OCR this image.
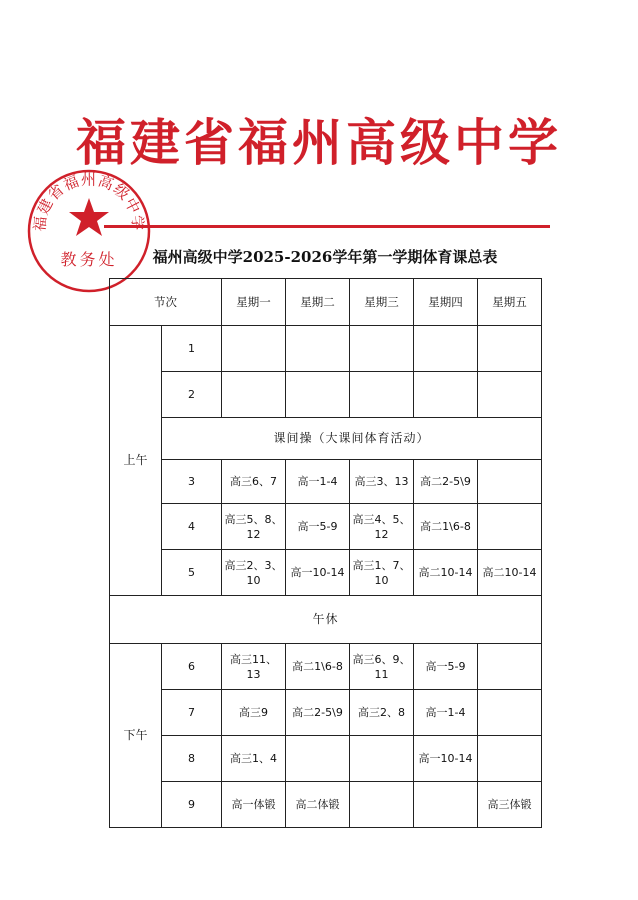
福建省福州高级中学
福建省福州高级中学
教务处	福州高级中学2025-2026学年第一学期体育课总表
节次		星期一	星期二	星期三	星期四	星期五
上午	1					
	2					
	课间操（大课间体育活动）					
	3	高三6、7	高一1-4	高三3、13	高二2-5\9	
	4	高三5、8、12	高一5-9	高三4、5、12	高二1\6-8	
	5	高三2、3、10	高一10-14	高三1、7、10	高二10-14	高二10-14
午休						
下午	6	高三11、13	高二1\6-8	高三6、9、11	高一5-9	
	7	高三9	高二2-5\9	高三2、8	高一1-4	
	8	高三1、4			高一10-14	
	9	高一体锻	高二体锻			高三体锻
